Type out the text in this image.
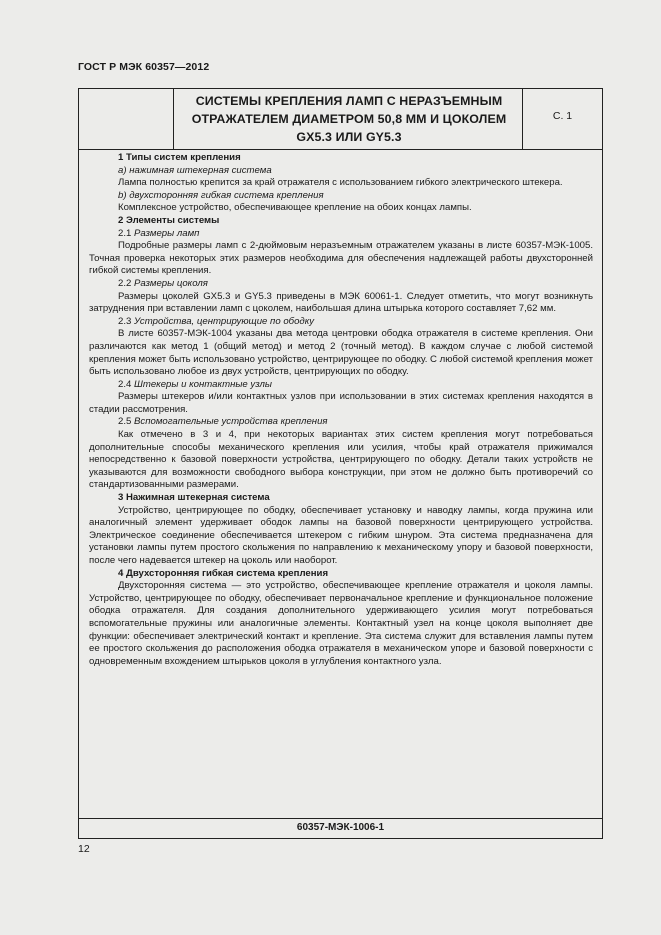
ГОСТ Р МЭК 60357—2012
СИСТЕМЫ КРЕПЛЕНИЯ ЛАМП С НЕРАЗЪЕМНЫМ
ОТРАЖАТЕЛЕМ ДИАМЕТРОМ 50,8 ММ И ЦОКОЛЕМ
GX5.3 ИЛИ GY5.3
С. 1

1 Типы систем крепления

a) нажимная штекерная система

Лампа полностью крепится за край отражателя с использованием гибкого электрического штекера.

b) двухсторонняя гибкая система крепления

Комплексное устройство, обеспечивающее крепление на обоих концах лампы.

2 Элементы системы

2.1 Размеры ламп

Подробные размеры ламп с 2-дюймовым неразъемным отражателем указаны в листе 60357-МЭК-1005. Точная проверка некоторых этих размеров необходима для обеспечения надлежащей работы двухсторонней гибкой системы крепления.

2.2 Размеры цоколя

Размеры цоколей GX5.3 и GY5.3 приведены в МЭК 60061-1. Следует отметить, что могут возникнуть затруднения при вставлении ламп с цоколем, наибольшая длина штырька которого составляет 7,62 мм.

2.3 Устройства, центрирующие по ободку

В листе 60357-МЭК-1004 указаны два метода центровки ободка отражателя в системе крепления. Они различаются как метод 1 (общий метод) и метод 2 (точный метод). В каждом случае с любой системой крепления может быть использовано устройство, центрирующее по ободку. С любой системой крепления может быть использовано любое из двух устройств, центрирующих по ободку.

2.4 Штекеры и контактные узлы

Размеры штекеров и/или контактных узлов при использовании в этих системах крепления находятся в стадии рассмотрения.

2.5 Вспомогательные устройства крепления

Как отмечено в 3 и 4, при некоторых вариантах этих систем крепления могут потребоваться дополнительные способы механического крепления или усилия, чтобы край отражателя прижимался непосредственно к базовой поверхности устройства, центрирующего по ободку. Детали таких устройств не указываются для возможности свободного выбора конструкции, при этом не должно быть противоречий со стандартизованными размерами.

3 Нажимная штекерная система

Устройство, центрирующее по ободку, обеспечивает установку и наводку лампы, когда пружина или аналогичный элемент удерживает ободок лампы на базовой поверхности центрирующего устройства. Электрическое соединение обеспечивается штекером с гибким шнуром. Эта система предназначена для установки лампы путем простого скольжения по направлению к механическому упору и базовой поверхности, после чего надевается штекер на цоколь или наоборот.

4 Двухсторонняя гибкая система крепления

Двухсторонняя система — это устройство, обеспечивающее крепление отражателя и цоколя лампы. Устройство, центрирующее по ободку, обеспечивает первоначальное крепление и функциональное положение ободка отражателя. Для создания дополнительного удерживающего усилия могут потребоваться вспомогательные пружины или аналогичные элементы. Контактный узел на конце цоколя выполняет две функции: обеспечивает электрический контакт и крепление. Эта система служит для вставления лампы путем ее простого скольжения до расположения ободка отражателя в механическом упоре и базовой поверхности с одновременным вхождением штырьков цоколя в углубления контактного узла.

60357-МЭК-1006-1
12
